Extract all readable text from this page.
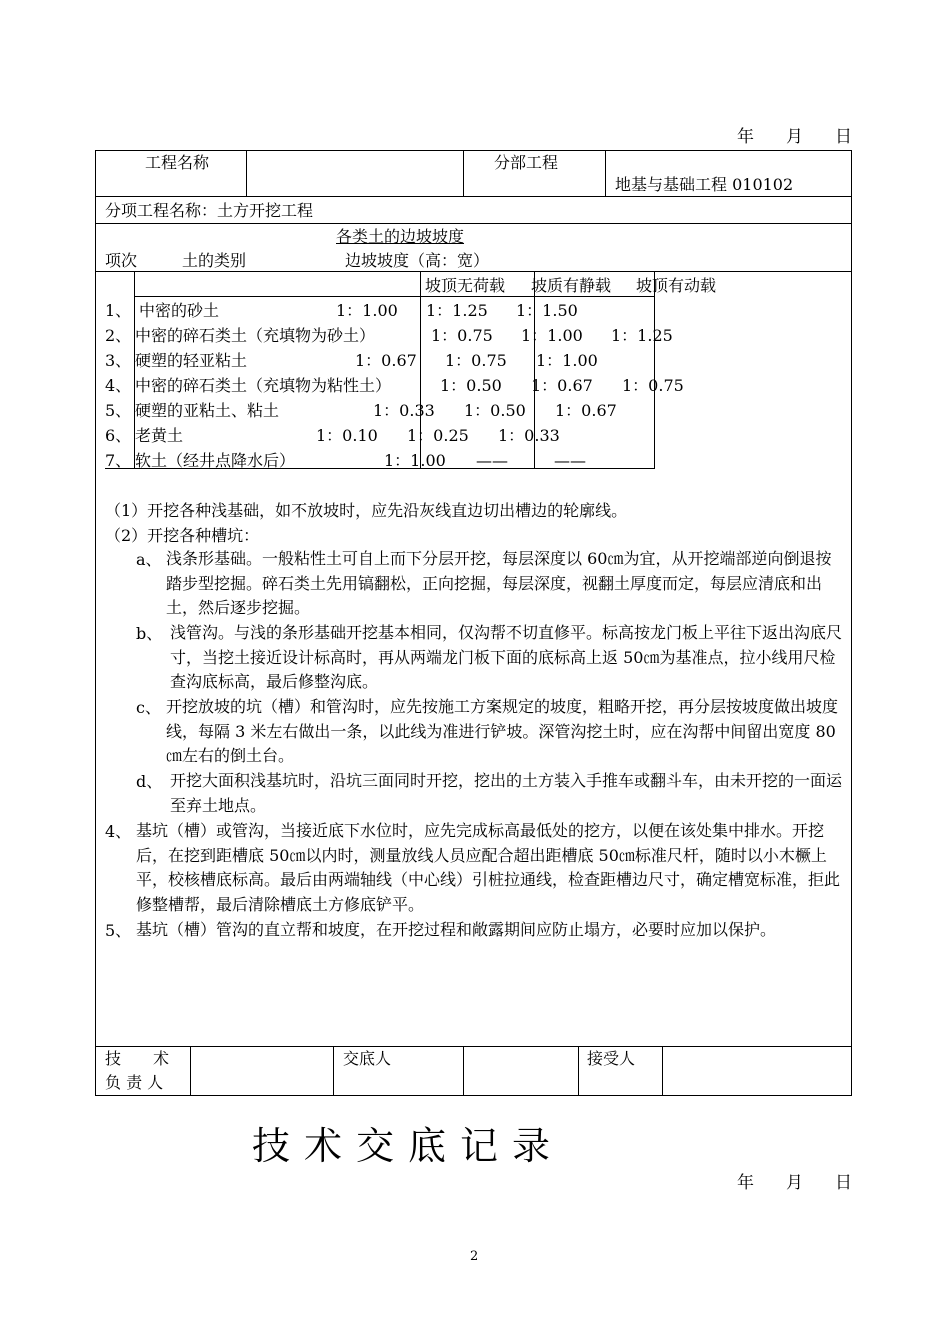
年 月 日
工程名称	分部工程
地基与基础工程 010102
分项工程名称：土方开挖工程
各类土的边坡坡度
项次	土的类别	边坡坡度（高：宽）
坡顶无荷载 坡质有静载 坡顶有动载
1、 中密的砂土	1：1.00 1：1.25 1：1.50
2、 中密的碎石类土（充填物为砂土）	1：0.75 1：1.00 1：1.25
3、 硬塑的轻亚粘土	1：0.67 1：0.75 1：1.00
4、 中密的碎石类土（充填物为粘性土）	1：0.50 1：0.67 1：0.75
5、 硬塑的亚粘土、粘土	1：0.33 1：0.50 1：0.67
6、 老黄土	1：0.10 1：0.25 1：0.33
7、 软土（经井点降水后）	1：1.00 ——	——
（1）开挖各种浅基础，如不放坡时，应先沿灰线直边切出槽边的轮廓线。
（2）开挖各种槽坑：
a、 浅条形基础。一般粘性土可自上而下分层开挖，每层深度以 60㎝为宜，从开挖端部逆向倒退按踏步型挖掘。碎石类土先用镐翻松，正向挖掘，每层深度，视翻土厚度而定，每层应清底和出土，然后逐步挖掘。
b、 浅管沟。与浅的条形基础开挖基本相同，仅沟帮不切直修平。标高按龙门板上平往下返出沟底尺寸，当挖土接近设计标高时，再从两端龙门板下面的底标高上返 50㎝为基准点，拉小线用尺检查沟底标高，最后修整沟底。
c、 开挖放坡的坑（槽）和管沟时，应先按施工方案规定的坡度，粗略开挖，再分层按坡度做出坡度线，每隔 3 米左右做出一条，以此线为准进行铲坡。深管沟挖土时，应在沟帮中间留出宽度 80㎝左右的倒土台。
d、 开挖大面积浅基坑时，沿坑三面同时开挖，挖出的土方装入手推车或翻斗车，由未开挖的一面运至弃土地点。
4、 基坑（槽）或管沟，当接近底下水位时，应先完成标高最低处的挖方，以便在该处集中排水。开挖后，在挖到距槽底 50㎝以内时，测量放线人员应配合超出距槽底 50㎝标准尺杆，随时以小木橛上平，校核槽底标高。最后由两端轴线（中心线）引桩拉通线，检查距槽边尺寸，确定槽宽标准，拒此修整槽帮，最后清除槽底土方修底铲平。
5、 基坑（槽）管沟的直立帮和坡度，在开挖过程和敞露期间应防止塌方，必要时应加以保护。
技　　术
负 责 人
交底人	接受人
技术交底记录
年 月 日
2
